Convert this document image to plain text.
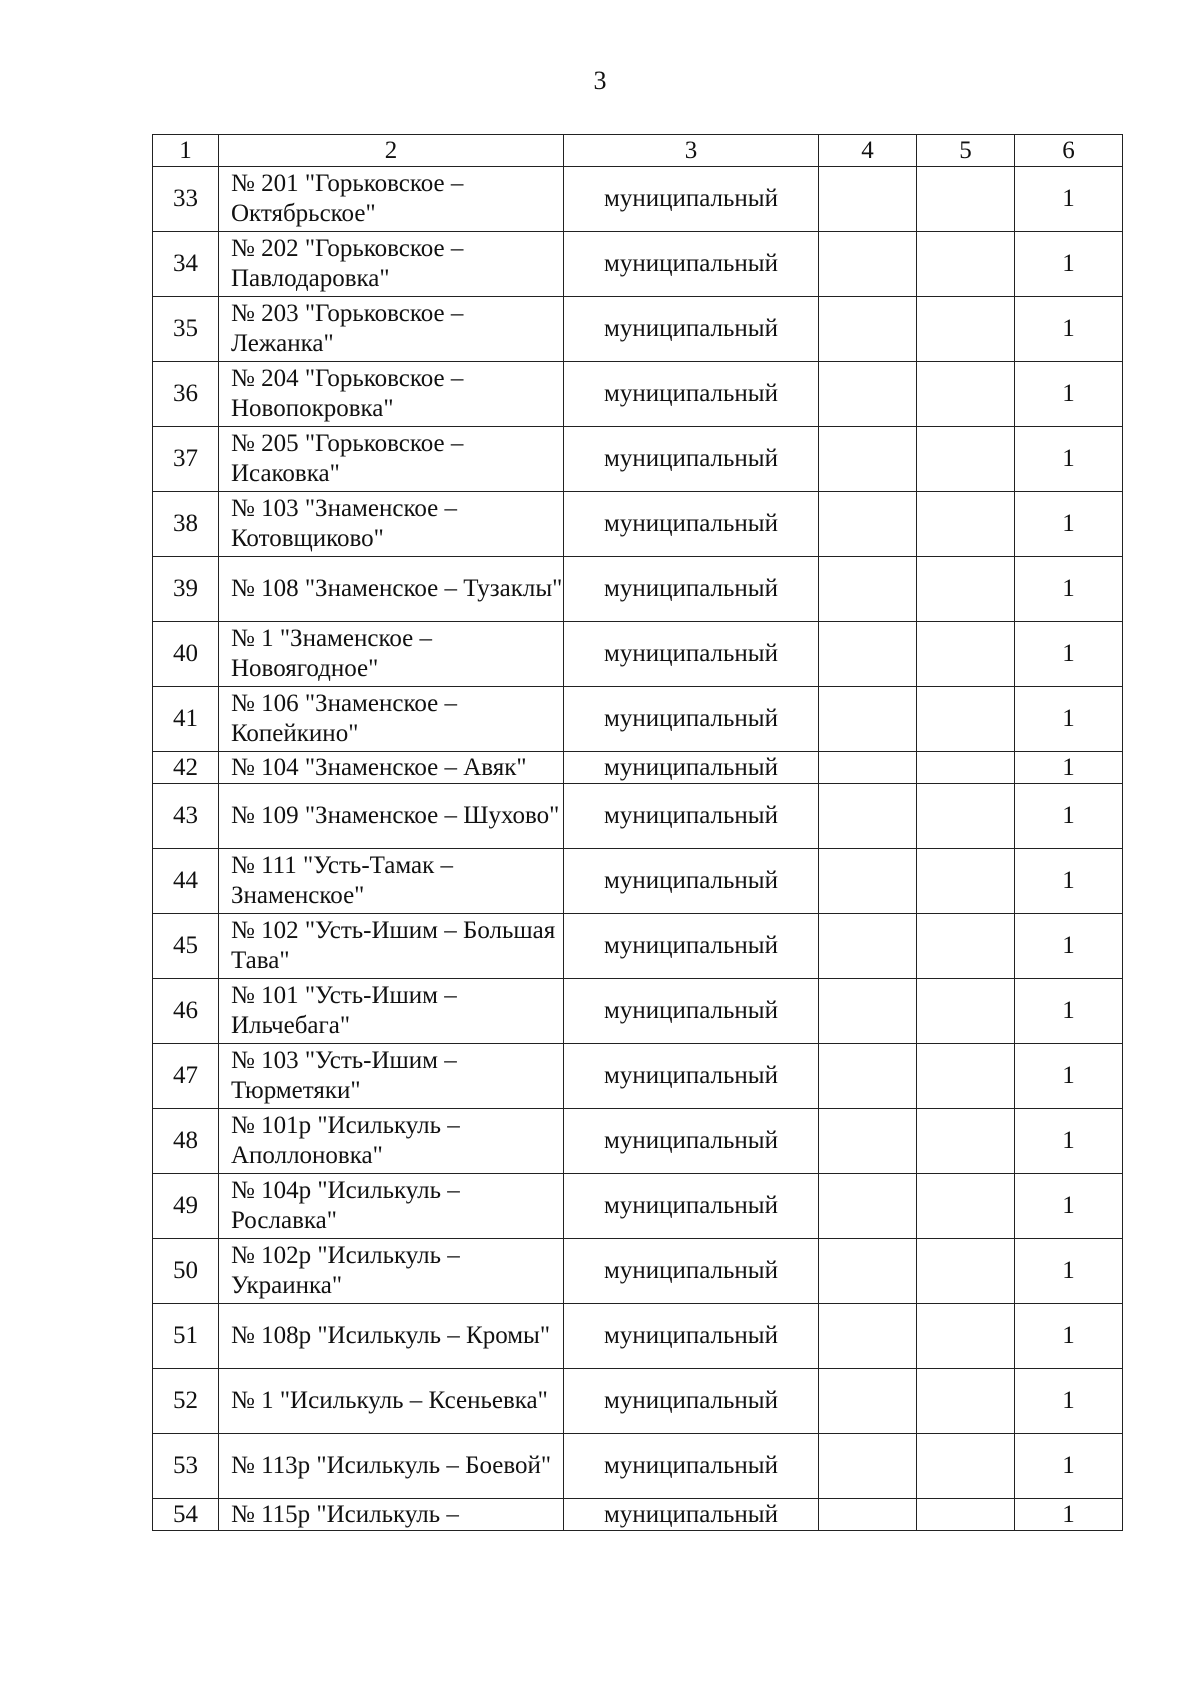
3
1	2	3	4	5	6
33	№ 201 "Горьковское – Октябрьское"	муниципальный			1
34	№ 202 "Горьковское – Павлодаровка"	муниципальный			1
35	№ 203 "Горьковское – Лежанка"	муниципальный			1
36	№ 204 "Горьковское – Новопокровка"	муниципальный			1
37	№ 205 "Горьковское – Исаковка"	муниципальный			1
38	№ 103 "Знаменское – Котовщиково"	муниципальный			1
39	№ 108 "Знаменское – Тузаклы"	муниципальный			1
40	№ 1 "Знаменское – Новоягодное"	муниципальный			1
41	№ 106 "Знаменское – Копейкино"	муниципальный			1
42	№ 104 "Знаменское – Авяк"	муниципальный			1
43	№ 109 "Знаменское – Шухово"	муниципальный			1
44	№ 111 "Усть-Тамак – Знаменское"	муниципальный			1
45	№ 102 "Усть-Ишим – Большая Тава"	муниципальный			1
46	№ 101 "Усть-Ишим – Ильчебага"	муниципальный			1
47	№ 103 "Усть-Ишим – Тюрметяки"	муниципальный			1
48	№ 101р "Исилькуль – Аполлоновка"	муниципальный			1
49	№ 104р "Исилькуль – Рославка"	муниципальный			1
50	№ 102р "Исилькуль – Украинка"	муниципальный			1
51	№ 108р "Исилькуль – Кромы"	муниципальный			1
52	№ 1 "Исилькуль – Ксеньевка"	муниципальный			1
53	№ 113р "Исилькуль – Боевой"	муниципальный			1
54	№ 115р "Исилькуль –	муниципальный			1
